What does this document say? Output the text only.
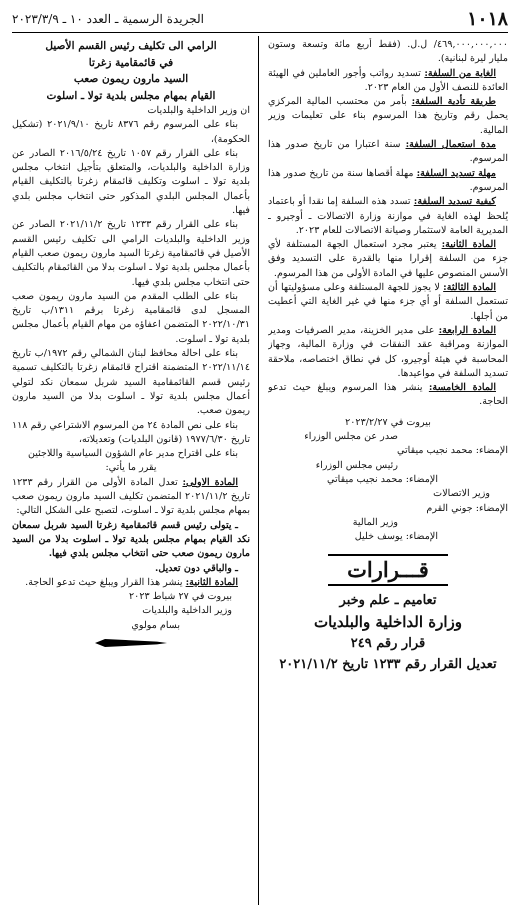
١٠١٨
الجريدة الرسمية ـ العدد ١٠ ـ ٢٠٢٣/٣/٩

٤٦٩,٠٠٠,٠٠٠,٠٠٠/ ل.ل. (فقط أربع مائة وتسعة وستون مليار ليرة لبنانية).

الغاية من السلفة: تسديد رواتب وأجور العاملين في الهيئة العائدة للنصف الأول من العام ٢٠٢٣.

طريقة تأدية السلفة: بأمر من محتسب المالية المركزي يحمل رقم وتاريخ هذا المرسوم بناء على تعليمات وزير المالية.

مدة استعمال السلفة: سنة اعتبارا من تاريخ صدور هذا المرسوم.

مهلة تسديد السلفة: مهلة أقصاها سنة من تاريخ صدور هذا المرسوم.

كيفية تسديد السلفة: تسدد هذه السلفة إما نقدا أو باعتماد يُلحظ لهذه الغاية في موازنة وزارة الاتصالات ـ أوجيرو ـ المديرية العامة لاستثمار وصيانة الاتصالات للعام ٢٠٢٣.

المادة الثانية: يعتبر مجرد استعمال الجهة المستلفة لأي جزء من السلفة إقرارا منها بالقدرة على التسديد وفق الأسس المنصوص عليها في المادة الأولى من هذا المرسوم.

المادة الثالثة: لا يجوز للجهة المستلفة وعلى مسؤوليتها أن تستعمل السلفة أو أي جزء منها في غير الغاية التي أعطيت من أجلها.

المادة الرابعة: على مدير الخزينة، مدير الصرفيات ومدير الموازنة ومراقبة عقد النفقات في وزارة المالية، وجهاز المحاسبة في هيئة أوجيرو، كل في نطاق اختصاصه، ملاحقة تسديد السلفة في مواعيدها.

المادة الخامسة: ينشر هذا المرسوم ويبلغ حيث تدعو الحاجة.

بيروت في ٢٠٢٣/٢/٢٧

صدر عن مجلس الوزراء

الإمضاء: محمد نجيب ميقاتي

رئيس مجلس الوزراء

الإمضاء: محمد نجيب ميقاتي

وزير الاتصالات

الإمضاء: جوني القرم

وزير المالية

الإمضاء: يوسف خليل

قـــرارات

تعاميم ـ علم وخبر

وزارة الداخلية والبلديات

قرار رقم ٢٤٩

تعديل القرار رقم ١٢٣٣ تاريخ ٢٠٢١/١١/٢

الرامي الى تكليف رئيس القسم الأصيل

في قائمقامية زغرتا

السيد مارون ريمون صعب

القيام بمهام مجلس بلدية تولا ـ اسلوت

ان وزير الداخلية والبلديات

بناء على المرسوم رقم ٨٣٧٦ تاريخ ٢٠٢١/٩/١٠ (تشكيل الحكومة)،

بناء على القرار رقم ١٠٥٧ تاريخ ٢٠١٦/٥/٢٤ الصادر عن وزارة الداخلية والبلديات، والمتعلق بتأجيل انتخاب مجلس بلدية تولا ـ اسلوت وتكليف قائمقام زغرتا بالتكليف القيام بأعمال المجلس البلدي المذكور حتى انتخاب مجلس بلدي فيها.

بناء على القرار رقم ١٢٣٣ تاريخ ٢٠٢١/١١/٢ الصادر عن وزير الداخلية والبلديات الرامي الى تكليف رئيس القسم الأصيل في قائمقامية زغرتا السيد مارون ريمون صعب القيام بأعمال مجلس بلدية تولا ـ اسلوت بدلا من القائمقام بالتكليف حتى انتخاب مجلس بلدي فيها.

بناء على الطلب المقدم من السيد مارون ريمون صعب المسجل لدى قائمقامية زغرتا برقم ١٣١١/ب تاريخ ٢٠٢٢/١٠/٣١ المتضمن اعفاؤه من مهام القيام بأعمال مجلس بلدية تولا ـ اسلوت.

بناء على احالة محافظ لبنان الشمالي رقم ١٩٧٢/ب تاريخ ٢٠٢٢/١١/١٤ المتضمنة اقتراح قائمقام زغرتا بالتكليف تسمية رئيس قسم القائمقامية السيد شربل سمعان نكد لتولي أعمال مجلس بلدية تولا ـ اسلوت بدلا من السيد مارون ريمون صعب.

بناء على نص المادة ٢٤ من المرسوم الاشتراعي رقم ١١٨ تاريخ ١٩٧٧/٦/٣٠ (قانون البلديات) وتعديلاته،

بناء على اقتراح مدير عام الشؤون السياسية واللاجئين

يقرر ما يأتي:

المادة الاولى: تعدل المادة الأولى من القرار رقم ١٢٣٣ تاريخ ٢٠٢١/١١/٢ المتضمن تكليف السيد مارون ريمون صعب بمهام مجلس بلدية تولا ـ اسلوت، لتصبح على الشكل التالي:

ـ يتولى رئيس قسم قائمقامية زغرتا السيد شربل سمعان نكد القيام بمهام مجلس بلدية تولا ـ اسلوت بدلا من السيد مارون ريمون صعب حتى انتخاب مجلس بلدي فيها.

ـ والباقي دون تعديل.

المادة الثانية: ينشر هذا القرار ويبلغ حيث تدعو الحاجة.

بيروت في ٢٧ شباط ٢٠٢٣

وزير الداخلية والبلديات

بسام مولوي
